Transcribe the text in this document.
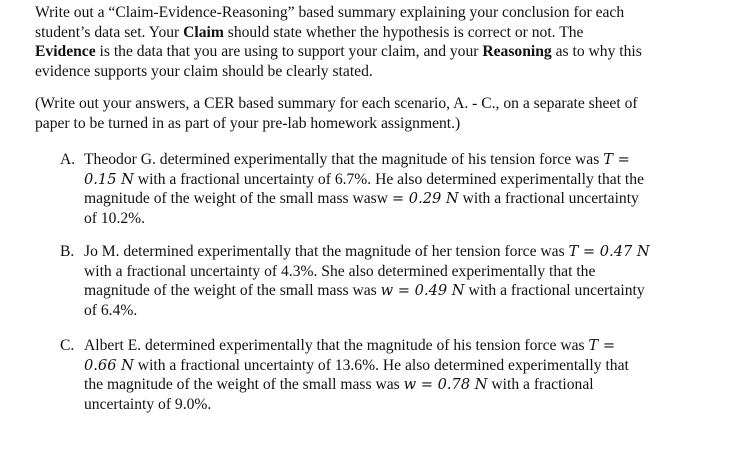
Write out a “Claim-Evidence-Reasoning” based summary explaining your conclusion for each
student’s data set. Your Claim should state whether the hypothesis is correct or not. The
Evidence is the data that you are using to support your claim, and your Reasoning as to why this
evidence supports your claim should be clearly stated.
(Write out your answers, a CER based summary for each scenario, A. - C., on a separate sheet of
paper to be turned in as part of your pre-lab homework assignment.)
A. Theodor G. determined experimentally that the magnitude of his tension force was T =
0.15 N with a fractional uncertainty of 6.7%. He also determined experimentally that the
magnitude of the weight of the small mass wasw = 0.29 N with a fractional uncertainty
of 10.2%.
B. Jo M. determined experimentally that the magnitude of her tension force was T = 0.47 N
with a fractional uncertainty of 4.3%. She also determined experimentally that the
magnitude of the weight of the small mass was w = 0.49 N with a fractional uncertainty
of 6.4%.
C. Albert E. determined experimentally that the magnitude of his tension force was T =
0.66 N with a fractional uncertainty of 13.6%. He also determined experimentally that
the magnitude of the weight of the small mass was w = 0.78 N with a fractional
uncertainty of 9.0%.
